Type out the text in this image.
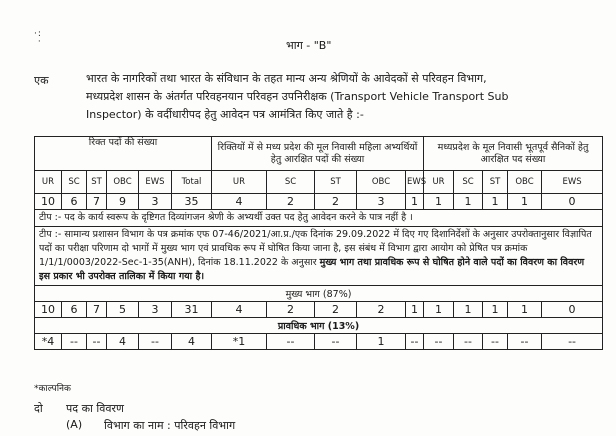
·:
·	भाग - "B"
एक	भारत के नागरिकों तथा भारत के संविधान के तहत मान्य अन्य श्रेणियों के आवेदकों से परिवहन विभाग,
मध्यप्रदेश शासन के अंतर्गत परिवहनयान परिवहन उपनिरीक्षक (Transport Vehicle Transport Sub
Inspector) के वर्दीधारीपद हेतु आवेदन पत्र आमंत्रित किए जाते है :-
रिक्त पदों की संख्या						रिक्तियों में से मध्य प्रदेश की मूल निवासी महिला अभ्यर्थियों हेतु आरक्षित पदों की संख्या					मध्यप्रदेश के मूल निवासी भूतपूर्व सैनिकों हेतु आरक्षित पद संख्या				
UR	SC	ST	OBC	EWS	Total	UR	SC	ST	OBC	EWS	UR	SC	ST	OBC	EWS
10	6	7	9	3	35	4	2	2	3	1	1	1	1	1	0
टीप :- पद के कार्य स्वरूप के दृष्टिगत दिव्यांगजन श्रेणी के अभ्यर्थी उक्त पद हेतु आवेदन करने के पात्र नहीं है ।															
टीप :- सामान्य प्रशासन विभाग के पत्र क्रमांक एफ 07-46/2021/आ.प्र./एक दिनांक 29.09.2022 में दिए गए दिशानिर्देशों के अनुसार उपरोक्तानुसार विज्ञापित पदों का परीक्षा परिणाम दो भागों में मुख्य भाग एवं प्रावधिक रूप में घोषित किया जाना है, इस संबंध में विभाग द्वारा आयोग को प्रेषित पत्र क्रमांक 1/1/1/0003/2022-Sec-1-35(ANH), दिनांक 18.11.2022 के अनुसार मुख्य भाग तथा प्रावधिक रूप से घोषित होने वाले पदों का विवरण का विवरण इस प्रकार भी उपरोक्त तालिका में किया गया है।															
मुख्य भाग (87%)															
10	6	7	5	3	31	4	2	2	2	1	1	1	1	1	0
प्रावधिक भाग (13%)															
*4	--	--	4	--	4	*1	--	--	1	--	--	--	--	--	--
*काल्पनिक
दो पद का विवरण
(A) विभाग का नाम : परिवहन विभाग
